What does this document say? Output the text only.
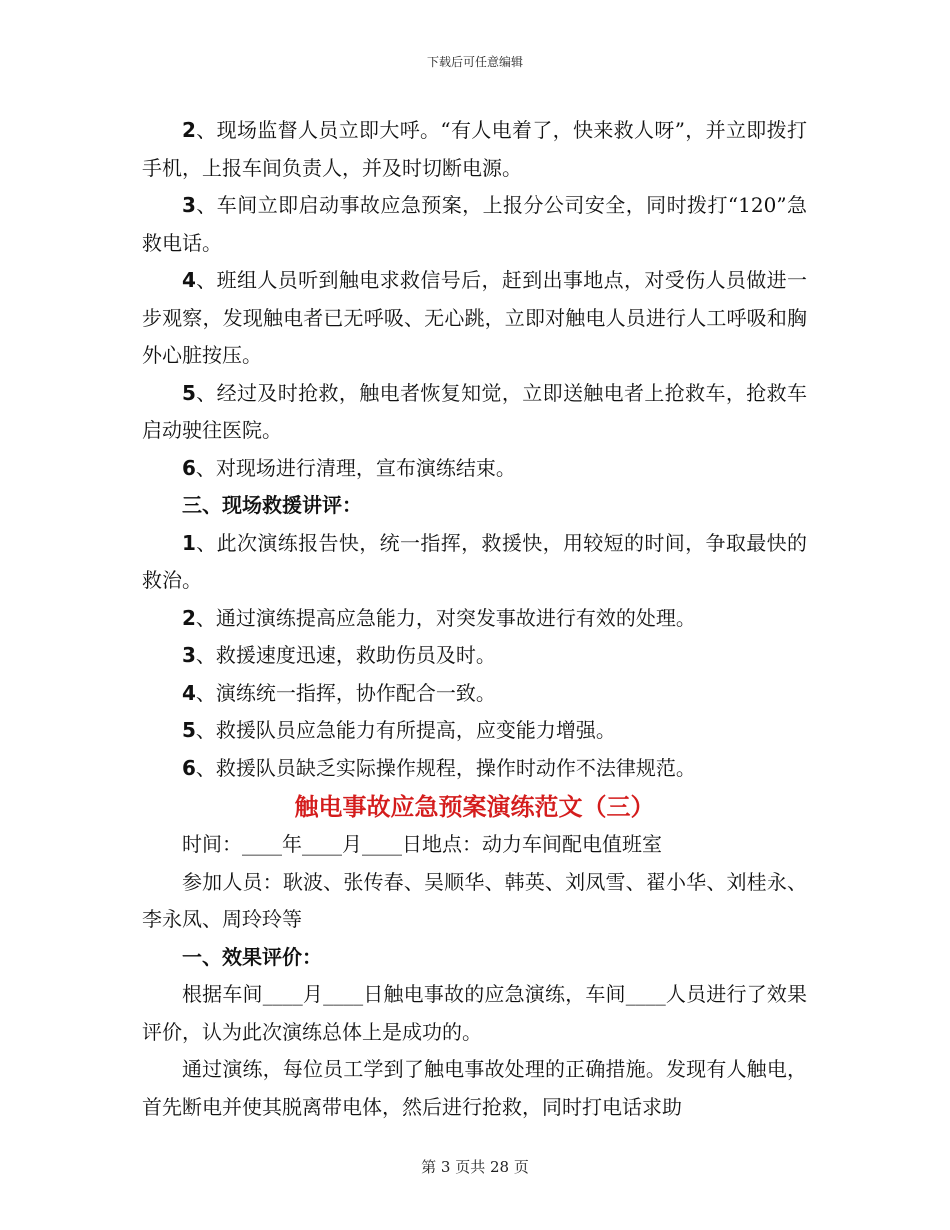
下载后可任意编辑

2、现场监督人员立即大呼。“有人电着了，快来救人呀”，并立即拨打手机，上报车间负责人，并及时切断电源。

3、车间立即启动事故应急预案，上报分公司安全，同时拨打“120”急救电话。

4、班组人员听到触电求救信号后，赶到出事地点，对受伤人员做进一步观察，发现触电者已无呼吸、无心跳，立即对触电人员进行人工呼吸和胸外心脏按压。

5、经过及时抢救，触电者恢复知觉，立即送触电者上抢救车，抢救车启动驶往医院。

6、对现场进行清理，宣布演练结束。

三、现场救援讲评：

1、此次演练报告快，统一指挥，救援快，用较短的时间，争取最快的救治。

2、通过演练提高应急能力，对突发事故进行有效的处理。

3、救援速度迅速，救助伤员及时。

4、演练统一指挥，协作配合一致。

5、救援队员应急能力有所提高，应变能力增强。

6、救援队员缺乏实际操作规程，操作时动作不法律规范。

触电事故应急预案演练范文（三）

时间：____年____月____日地点：动力车间配电值班室

参加人员：耿波、张传春、吴顺华、韩英、刘凤雪、翟小华、刘桂永、李永凤、周玲玲等

一、效果评价：

根据车间____月____日触电事故的应急演练，车间____人员进行了效果评价，认为此次演练总体上是成功的。

通过演练，每位员工学到了触电事故处理的正确措施。发现有人触电，首先断电并使其脱离带电体，然后进行抢救，同时打电话求助

第 3 页共 28 页
